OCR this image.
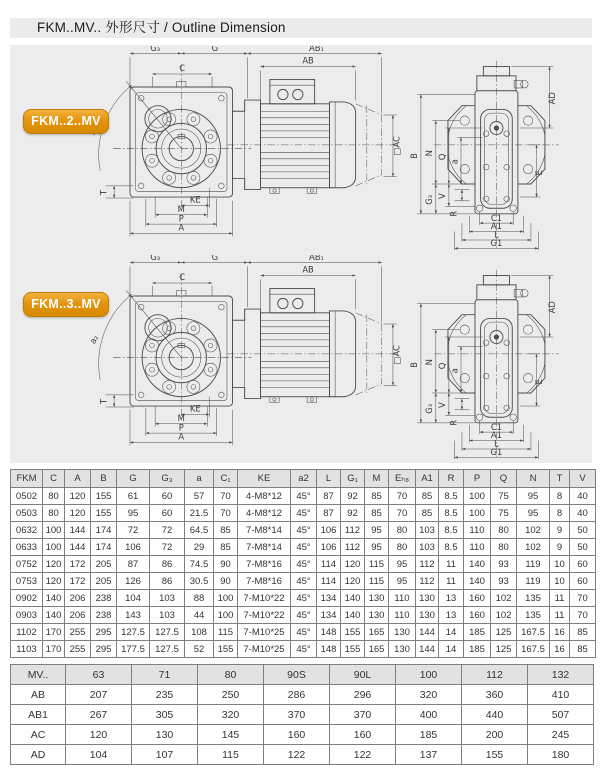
FKM..MV.. 外形尺寸 / Outline Dimension
FKM..2..MV
FKM..3..MV
FKM	C	A	B	G	G₃	a	C₁	KE	a2	L	G₁	M	Eₕ₈	A1	R	P	Q	N	T	V
0502	80	120	155	61	60	57	70	4-M8*12	45°	87	92	85	70	85	8.5	100	75	95	8	40
0503	80	120	155	95	60	21.5	70	4-M8*12	45°	87	92	85	70	85	8.5	100	75	95	8	40
0632	100	144	174	72	72	64.5	85	7-M8*14	45°	106	112	95	80	103	8.5	110	80	102	9	50
0633	100	144	174	106	72	29	85	7-M8*14	45°	106	112	95	80	103	8.5	110	80	102	9	50
0752	120	172	205	87	86	74.5	90	7-M8*16	45°	114	120	115	95	112	11	140	93	119	10	60
0753	120	172	205	126	86	30.5	90	7-M8*16	45°	114	120	115	95	112	11	140	93	119	10	60
0902	140	206	238	104	103	88	100	7-M10*22	45°	134	140	130	110	130	13	160	102	135	11	70
0903	140	206	238	143	103	44	100	7-M10*22	45°	134	140	130	110	130	13	160	102	135	11	70
1102	170	255	295	127.5	127.5	108	115	7-M10*25	45°	148	155	165	130	144	14	185	125	167.5	16	85
1103	170	255	295	177.5	127.5	52	155	7-M10*25	45°	148	155	165	130	144	14	185	125	167.5	16	85
MV..	63	71	80	90S	90L	100	112	132
AB	207	235	250	286	296	320	360	410
AB1	267	305	320	370	370	400	440	507
AC	120	130	145	160	160	185	200	245
AD	104	107	115	122	122	137	155	180
